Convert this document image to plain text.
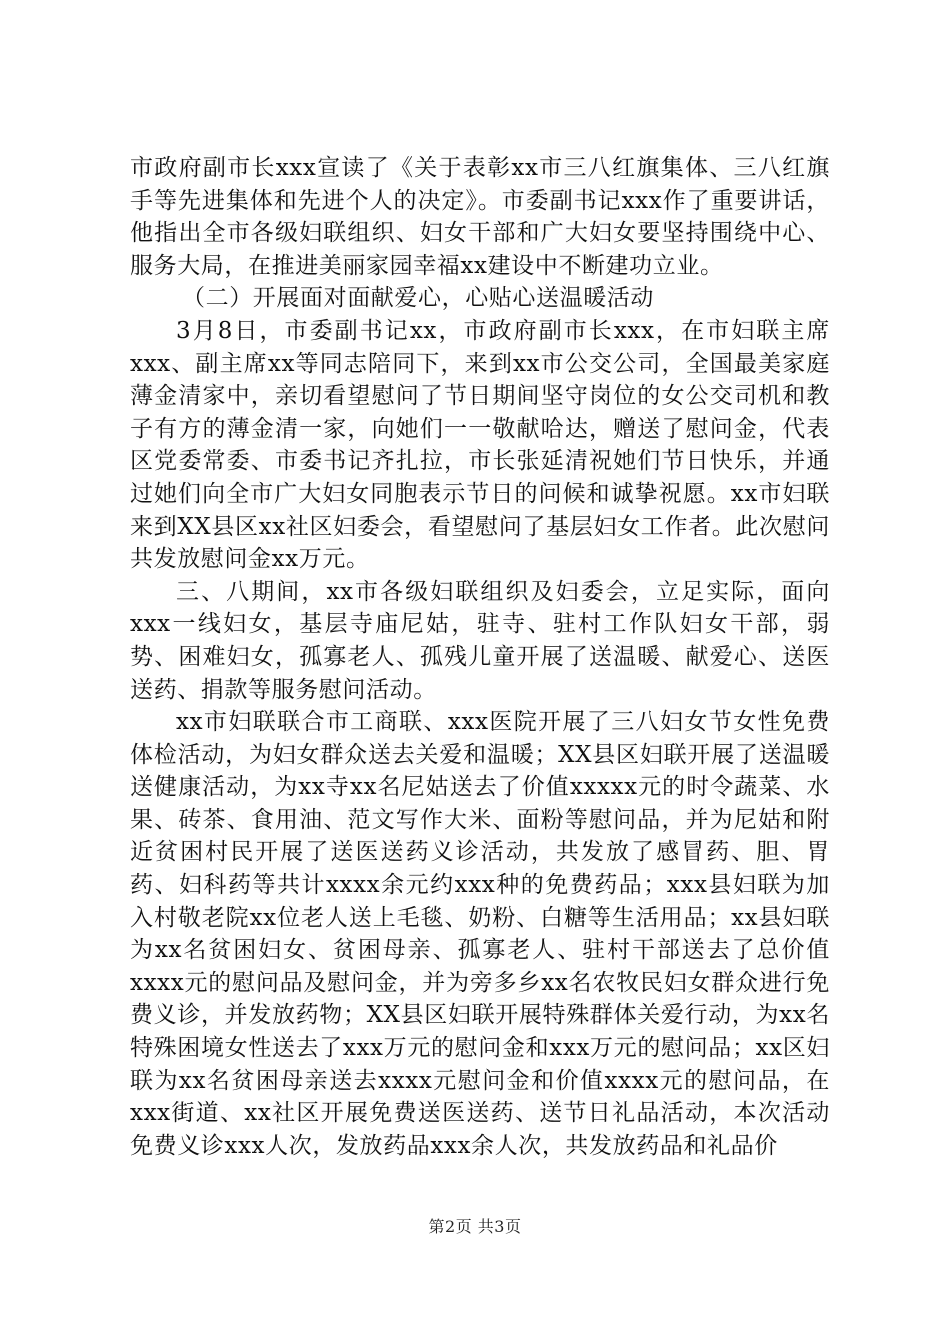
市政府副市长xxx宣读了《关于表彰xx市三八红旗集体、三八红旗手等先进集体和先进个人的决定》。市委副书记xxx作了重要讲话，他指出全市各级妇联组织、妇女干部和广大妇女要坚持围绕中心、服务大局，在推进美丽家园幸福xx建设中不断建功立业。

（二）开展面对面献爱心，心贴心送温暖活动

3月8日，市委副书记xx，市政府副市长xxx，在市妇联主席xxx、副主席xx等同志陪同下，来到xx市公交公司，全国最美家庭薄金清家中，亲切看望慰问了节日期间坚守岗位的女公交司机和教子有方的薄金清一家，向她们一一敬献哈达，赠送了慰问金，代表区党委常委、市委书记齐扎拉，市长张延清祝她们节日快乐，并通过她们向全市广大妇女同胞表示节日的问候和诚挚祝愿。xx市妇联来到XX县区xx社区妇委会，看望慰问了基层妇女工作者。此次慰问共发放慰问金xx万元。

三、八期间，xx市各级妇联组织及妇委会，立足实际，面向xxx一线妇女，基层寺庙尼姑，驻寺、驻村工作队妇女干部，弱势、困难妇女，孤寡老人、孤残儿童开展了送温暖、献爱心、送医送药、捐款等服务慰问活动。

xx市妇联联合市工商联、xxx医院开展了三八妇女节女性免费体检活动，为妇女群众送去关爱和温暖；XX县区妇联开展了送温暖送健康活动，为xx寺xx名尼姑送去了价值xxxxx元的时令蔬菜、水果、砖茶、食用油、范文写作大米、面粉等慰问品，并为尼姑和附近贫困村民开展了送医送药义诊活动，共发放了感冒药、胆、胃药、妇科药等共计xxxx余元约xxx种的免费药品；xxx县妇联为加入村敬老院xx位老人送上毛毯、奶粉、白糖等生活用品；xx县妇联为xx名贫困妇女、贫困母亲、孤寡老人、驻村干部送去了总价值xxxx元的慰问品及慰问金，并为旁多乡xx名农牧民妇女群众进行免费义诊，并发放药物；XX县区妇联开展特殊群体关爱行动，为xx名特殊困境女性送去了xxx万元的慰问金和xxx万元的慰问品；xx区妇联为xx名贫困母亲送去xxxx元慰问金和价值xxxx元的慰问品，在xxx街道、xx社区开展免费送医送药、送节日礼品活动，本次活动免费义诊xxx人次，发放药品xxx余人次，共发放药品和礼品价

第2页 共3页
